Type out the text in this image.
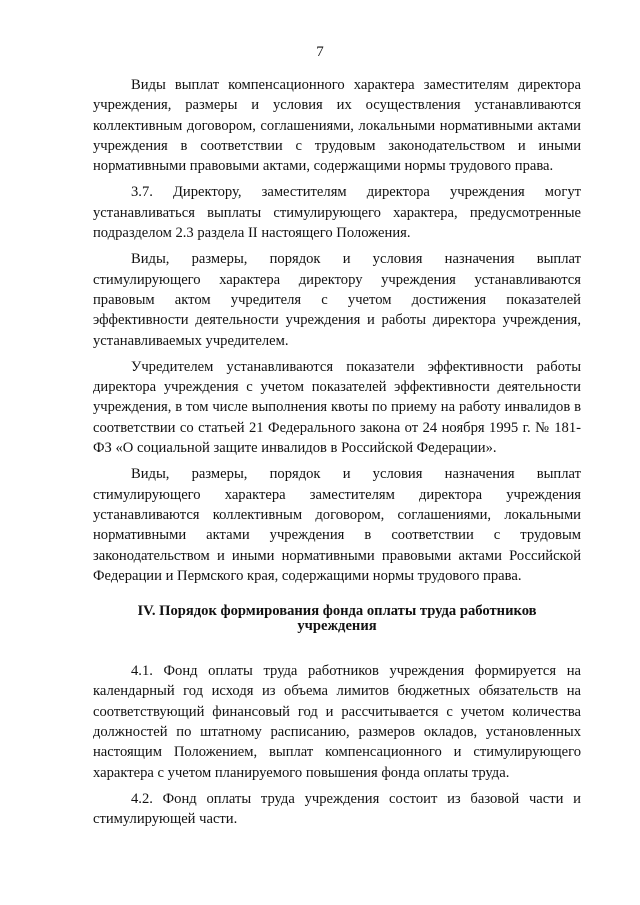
7

Виды выплат компенсационного характера заместителям директора учреждения, размеры и условия их осуществления устанавливаются коллективным договором, соглашениями, локальными нормативными актами учреждения в соответствии с трудовым законодательством и иными нормативными правовыми актами, содержащими нормы трудового права.

3.7. Директору, заместителям директора учреждения могут устанавливаться выплаты стимулирующего характера, предусмотренные подразделом 2.3 раздела II настоящего Положения.

Виды, размеры, порядок и условия назначения выплат стимулирующего характера директору учреждения устанавливаются правовым актом учредителя с учетом достижения показателей эффективности деятельности учреждения и работы директора учреждения, устанавливаемых учредителем.

Учредителем устанавливаются показатели эффективности работы директора учреждения с учетом показателей эффективности деятельности учреждения, в том числе выполнения квоты по приему на работу инвалидов в соответствии со статьей 21 Федерального закона от 24 ноября 1995 г. № 181-ФЗ «О социальной защите инвалидов в Российской Федерации».

Виды, размеры, порядок и условия назначения выплат стимулирующего характера заместителям директора учреждения устанавливаются коллективным договором, соглашениями, локальными нормативными актами учреждения в соответствии с трудовым законодательством и иными нормативными правовыми актами Российской Федерации и Пермского края, содержащими нормы трудового права.

IV. Порядок формирования фонда оплаты труда работников учреждения

4.1. Фонд оплаты труда работников учреждения формируется на календарный год исходя из объема лимитов бюджетных обязательств на соответствующий финансовый год и рассчитывается с учетом количества должностей по штатному расписанию, размеров окладов, установленных настоящим Положением, выплат компенсационного и стимулирующего характера с учетом планируемого повышения фонда оплаты труда.

4.2. Фонд оплаты труда учреждения состоит из базовой части и стимулирующей части.
